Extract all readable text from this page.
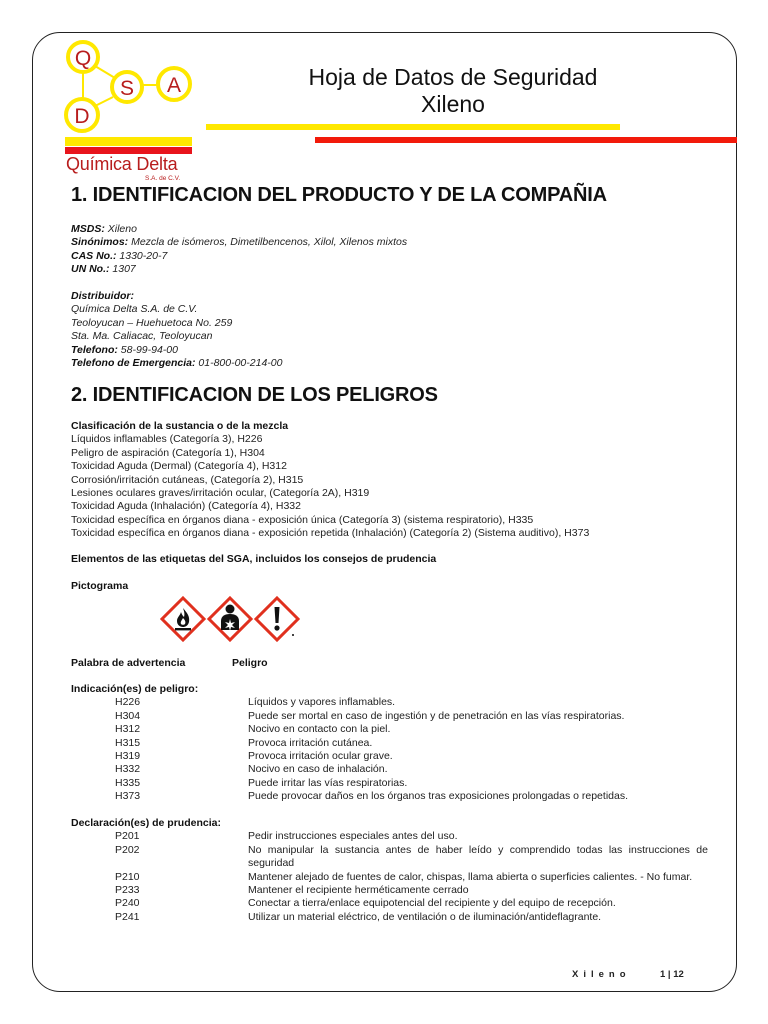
Q
S A
D
Química Delta
S.A. de C.V.
Hoja de Datos de Seguridad
Xileno
1. IDENTIFICACION DEL PRODUCTO Y DE LA COMPAÑIA
MSDS: Xileno
Sinónimos: Mezcla de isómeros, Dimetilbencenos, Xilol, Xilenos mixtos
CAS No.: 1330-20-7
UN No.: 1307
Distribuidor:
Química Delta S.A. de C.V.
Teoloyucan – Huehuetoca No. 259
Sta. Ma. Caliacac, Teoloyucan
Telefono: 58-99-94-00
Telefono de Emergencia: 01-800-00-214-00
2. IDENTIFICACION DE LOS PELIGROS
Clasificación de la sustancia o de la mezcla
Líquidos inflamables (Categoría 3), H226
Peligro de aspiración (Categoría 1), H304
Toxicidad Aguda (Dermal) (Categoría 4), H312
Corrosión/irritación cutáneas, (Categoría 2), H315
Lesiones oculares graves/irritación ocular, (Categoría 2A), H319
Toxicidad Aguda (Inhalación) (Categoría 4), H332
Toxicidad específica en órganos diana - exposición única (Categoría 3) (sistema respiratorio), H335
Toxicidad específica en órganos diana - exposición repetida (Inhalación) (Categoría 2) (Sistema auditivo), H373
Elementos de las etiquetas del SGA, incluidos los consejos de prudencia
Pictograma
Palabra de advertencia	Peligro
Indicación(es) de peligro:
H226	Líquidos y vapores inflamables.
H304	Puede ser mortal en caso de ingestión y de penetración en las vías respiratorias.
H312	Nocivo en contacto con la piel.
H315	Provoca irritación cutánea.
H319	Provoca irritación ocular grave.
H332	Nocivo en caso de inhalación.
H335	Puede irritar las vías respiratorias.
H373	Puede provocar daños en los órganos tras exposiciones prolongadas o repetidas.
Declaración(es) de prudencia:
P201	Pedir instrucciones especiales antes del uso.
P202	No manipular la sustancia antes de haber leído y comprendido todas las instrucciones de seguridad
P210	Mantener alejado de fuentes de calor, chispas, llama abierta o superficies calientes. - No fumar.
P233	Mantener el recipiente herméticamente cerrado
P240	Conectar a tierra/enlace equipotencial del recipiente y del equipo de recepción.
P241	Utilizar un material eléctrico, de ventilación o de iluminación/antideflagrante.
Xileno	1 | 12
